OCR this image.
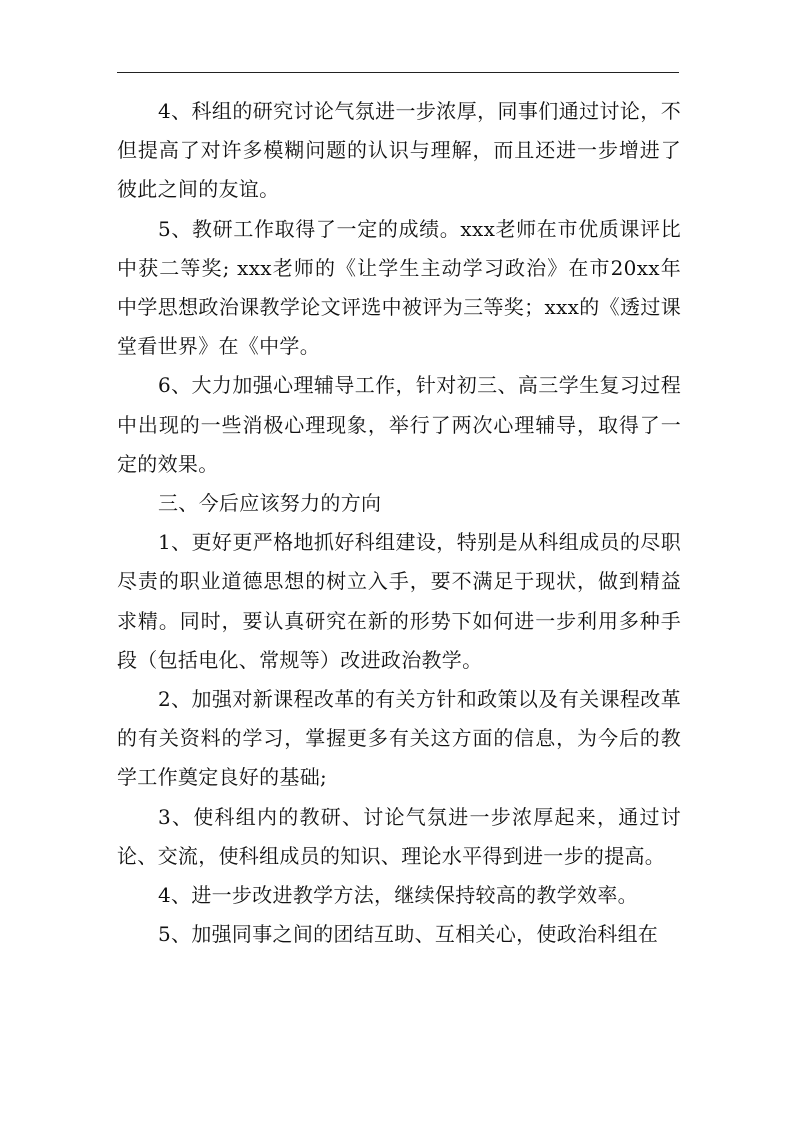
4、科组的研究讨论气氛进一步浓厚，同事们通过讨论，不但提高了对许多模糊问题的认识与理解，而且还进一步增进了彼此之间的友谊。

5、教研工作取得了一定的成绩。xxx老师在市优质课评比中获二等奖; xxx老师的《让学生主动学习政治》在市20xx年中学思想政治课教学论文评选中被评为三等奖；xxx的《透过课堂看世界》在《中学。

6、大力加强心理辅导工作，针对初三、高三学生复习过程中出现的一些消极心理现象，举行了两次心理辅导，取得了一定的效果。

三、今后应该努力的方向

1、更好更严格地抓好科组建设，特别是从科组成员的尽职尽责的职业道德思想的树立入手，要不满足于现状，做到精益求精。同时，要认真研究在新的形势下如何进一步利用多种手段（包括电化、常规等）改进政治教学。

2、加强对新课程改革的有关方针和政策以及有关课程改革的有关资料的学习，掌握更多有关这方面的信息，为今后的教学工作奠定良好的基础;

3、使科组内的教研、讨论气氛进一步浓厚起来，通过讨论、交流，使科组成员的知识、理论水平得到进一步的提高。

4、进一步改进教学方法，继续保持较高的教学效率。

5、加强同事之间的团结互助、互相关心，使政治科组在
